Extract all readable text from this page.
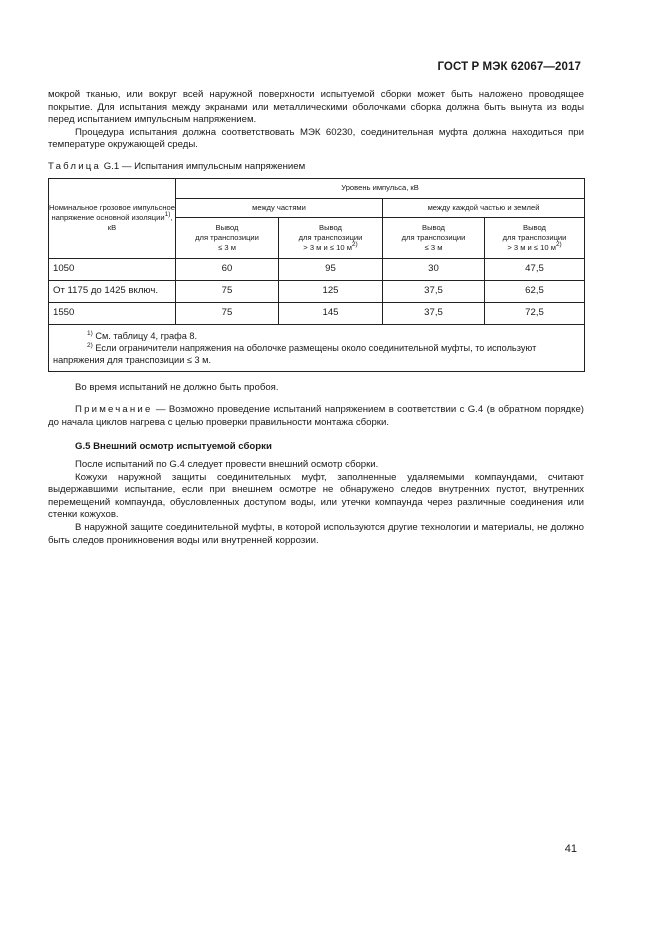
ГОСТ Р МЭК 62067—2017

мокрой тканью, или вокруг всей наружной поверхности испытуемой сборки может быть наложено проводящее покрытие. Для испытания между экранами или металлическими оболочками сборка должна быть вынута из воды перед испытанием импульсным напряжением.

Процедура испытания должна соответствовать МЭК 60230, соединительная муфта должна находиться при температуре окружающей среды.

Таблица G.1 — Испытания импульсным напряжением

Номинальное грозовое импульсное напряжение основной изоляции$^{1)}$, кВ	Уровень импульса, кВ			
	между частями		между каждой частью и землей	
	Вывод
для транспозиции
≤ 3 м	Вывод
для транспозиции
> 3 м и ≤ 10 $м^{2)}$	Вывод
для транспозиции
≤ 3 м	Вывод
для транспозиции
> 3 м и ≤ 10 $м^{2)}$
1050	60	95	30	47,5
От 1175 до 1425 включ.	75	125	37,5	62,5
1550	75	145	37,5	72,5

$^{1)}$ См. таблицу 4, графа 8.
$^{2)}$ Если ограничители напряжения на оболочке размещены около соединительной муфты, то используют напряжения для транспозиции ≤ 3 м.				

Во время испытаний не должно быть пробоя.

Примечание — Возможно проведение испытаний напряжением в соответствии с G.4 (в обратном порядке) до начала циклов нагрева с целью проверки правильности монтажа сборки.

G.5 Внешний осмотр испытуемой сборки

После испытаний по G.4 следует провести внешний осмотр сборки.

Кожухи наружной защиты соединительных муфт, заполненные удаляемыми компаундами, считают выдержавшими испытание, если при внешнем осмотре не обнаружено следов внутренних пустот, внутренних перемещений компаунда, обусловленных доступом воды, или утечки компаунда через различные соединения или стенки кожухов.

В наружной защите соединительной муфты, в которой используются другие технологии и материалы, не должно быть следов проникновения воды или внутренней коррозии.

41
